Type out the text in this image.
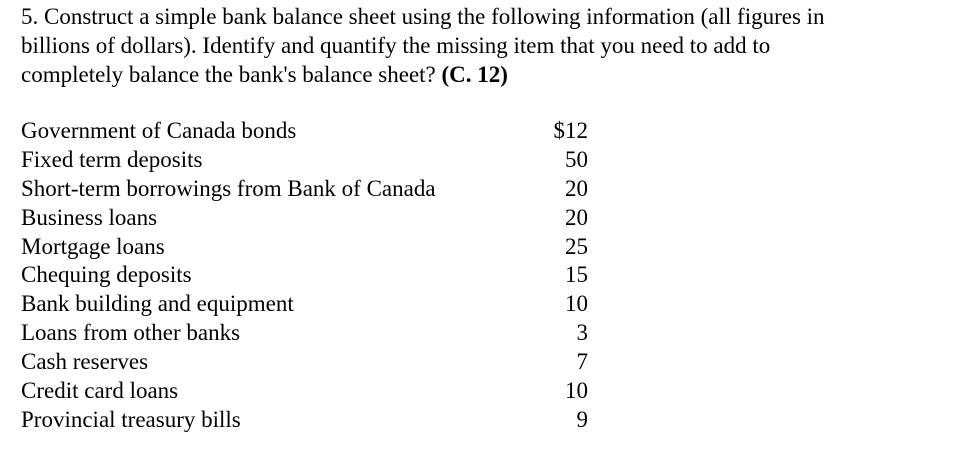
5. Construct a simple bank balance sheet using the following information (all figures in
billions of dollars). Identify and quantify the missing item that you need to add to
completely balance the bank's balance sheet? (C. 12)
Government of Canada bonds	$12
Fixed term deposits	50
Short-term borrowings from Bank of Canada	20
Business loans	20
Mortgage loans	25
Chequing deposits	15
Bank building and equipment	10
Loans from other banks	3
Cash reserves	7
Credit card loans	10
Provincial treasury bills	9
